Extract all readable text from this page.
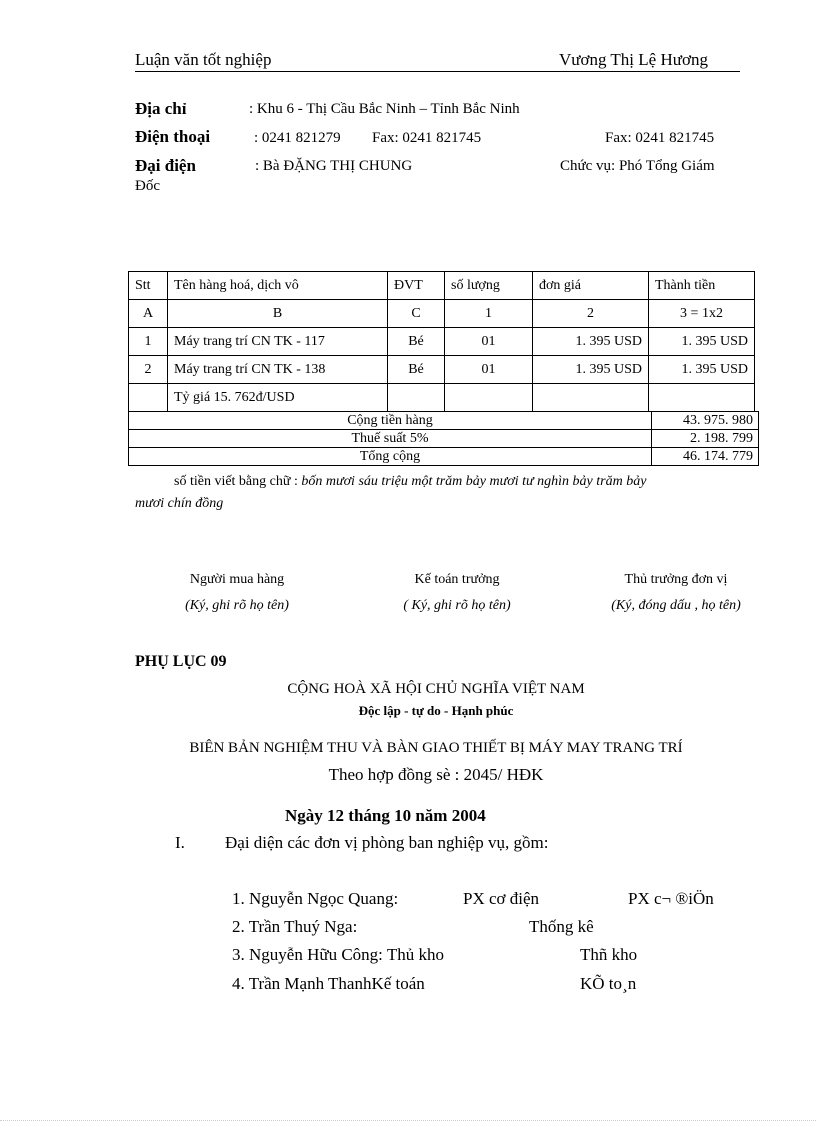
Luận văn tốt nghiệp	Vương Thị Lệ Hương
Địa chỉ	: Khu 6 - Thị Cầu Bắc Ninh – Tỉnh Bắc Ninh
Điện thoại	: 0241 821279 Fax: 0241 821745	Fax: 0241 821745
Đại điện	: Bà ĐẶNG THỊ CHUNG	Chức vụ: Phó Tổng Giám
Đốc
Stt	Tên hàng hoá, dịch vô	ĐVT	số lượng	đơn giá	Thành tiền
A	B	C	1	2	3 = 1x2
1	Máy trang trí CN TK - 117	Bé	01	1. 395 USD	1. 395 USD
2	Máy trang trí CN TK - 138	Bé	01	1. 395 USD	1. 395 USD
	Tỷ giá 15. 762đ/USD				
Cộng tiền hàng	43. 975. 980
Thuế suất 5%	2. 198. 799
Tổng cộng	46. 174. 779
số tiền viết bằng chữ : bốn mươi sáu triệu một trăm bảy mươi tư nghìn bảy trăm bảy
mươi chín đồng
Người mua hàng
(Ký, ghi rõ họ tên)
Kế toán trưởng
( Ký, ghi rõ họ tên)
Thủ trưởng đơn vị
(Ký, đóng dấu , họ tên)
PHỤ LỤC 09
CỘNG HOÀ XÃ HỘI CHỦ NGHĨA VIỆT NAM
Độc lập - tự do - Hạnh phúc
BIÊN BẢN NGHIỆM THU VÀ BÀN GIAO THIẾT BỊ MÁY MAY TRANG TRÍ
Theo hợp đồng sè : 2045/ HĐK
Ngày 12 tháng 10 năm 2004
I. Đại diện các đơn vị phòng ban nghiệp vụ, gồm:
1. Nguyễn Ngọc Quang:	PX cơ điện	PX c¬ ®iÖn
2. Trần Thuý Nga:	Thống kê
3. Nguyễn Hữu Công: Thủ kho	Thñ kho
4. Trần Mạnh ThanhKế toán	KÕ to¸n
